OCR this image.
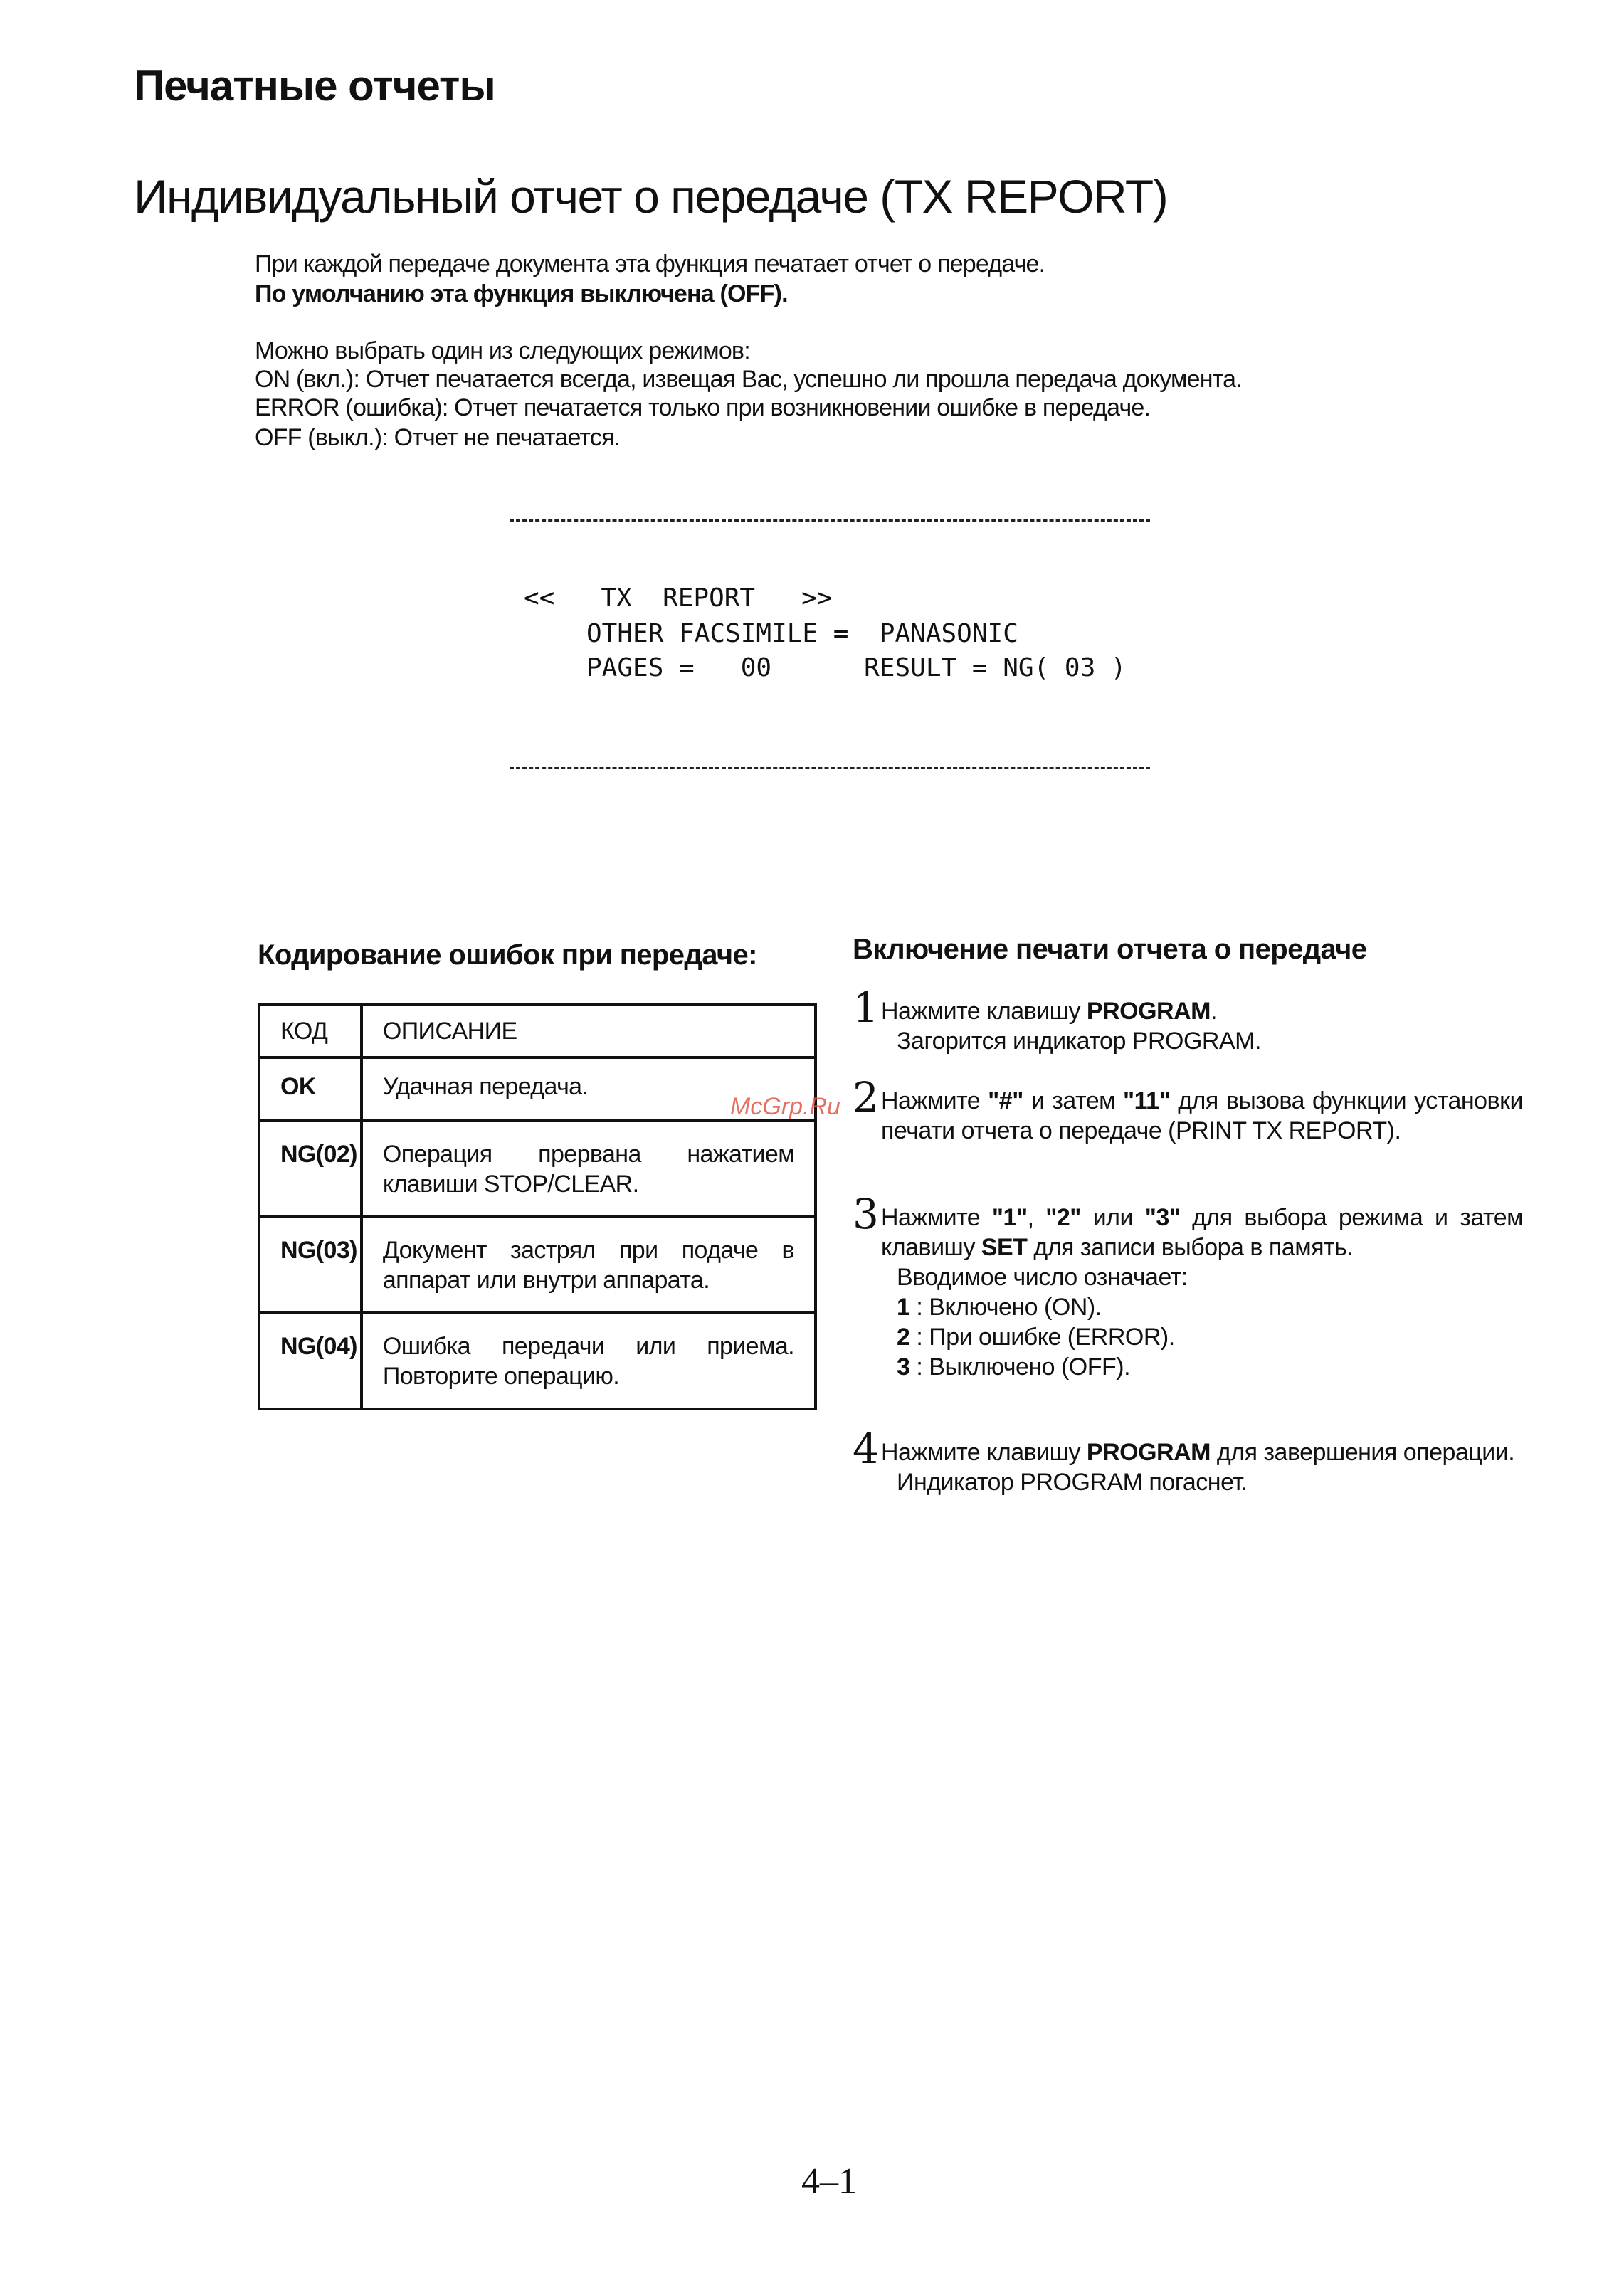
Печатные отчеты
Индивидуальный отчет о передаче (TX REPORT)
При каждой передаче документа эта функция печатает отчет о передаче.
По умолчанию эта функция выключена (OFF).
Можно выбрать один из следующих режимов:
ON (вкл.): Отчет печатается всегда, извещая Вас, успешно ли прошла передача документа.
ERROR (ошибка): Отчет печатается только при возникновении ошибке в передаче.
OFF (выкл.): Отчет не печатается.
<<   TX  REPORT   >>
OTHER FACSIMILE =  PANASONIC
PAGES =   00      RESULT = NG( 03 )
Кодирование ошибок при передаче:
КОД	ОПИСАНИЕ
OK	Удачная передача.
NG(02)	Операция прервана нажатием клавиши STOP/CLEAR.
NG(03)	Документ застрял при подаче в аппарат или внутри аппарата.
NG(04)	Ошибка передачи или приема. Повторите операцию.
Включение печати отчета о передаче
1 Нажмите клавишу PROGRAM.
Загорится индикатор PROGRAM.
2 Нажмите "#" и затем "11" для вызова функции установки печати отчета о передаче (PRINT TX REPORT).
3 Нажмите "1", "2" или "3" для выбора режима и затем клавишу SET для записи выбора в память.
Вводимое число означает:
1 : Включено (ON).
2 : При ошибке (ERROR).
3 : Выключено (OFF).
4 Нажмите клавишу PROGRAM для завершения операции.
Индикатор PROGRAM погаснет.
McGrp.Ru
4–1
